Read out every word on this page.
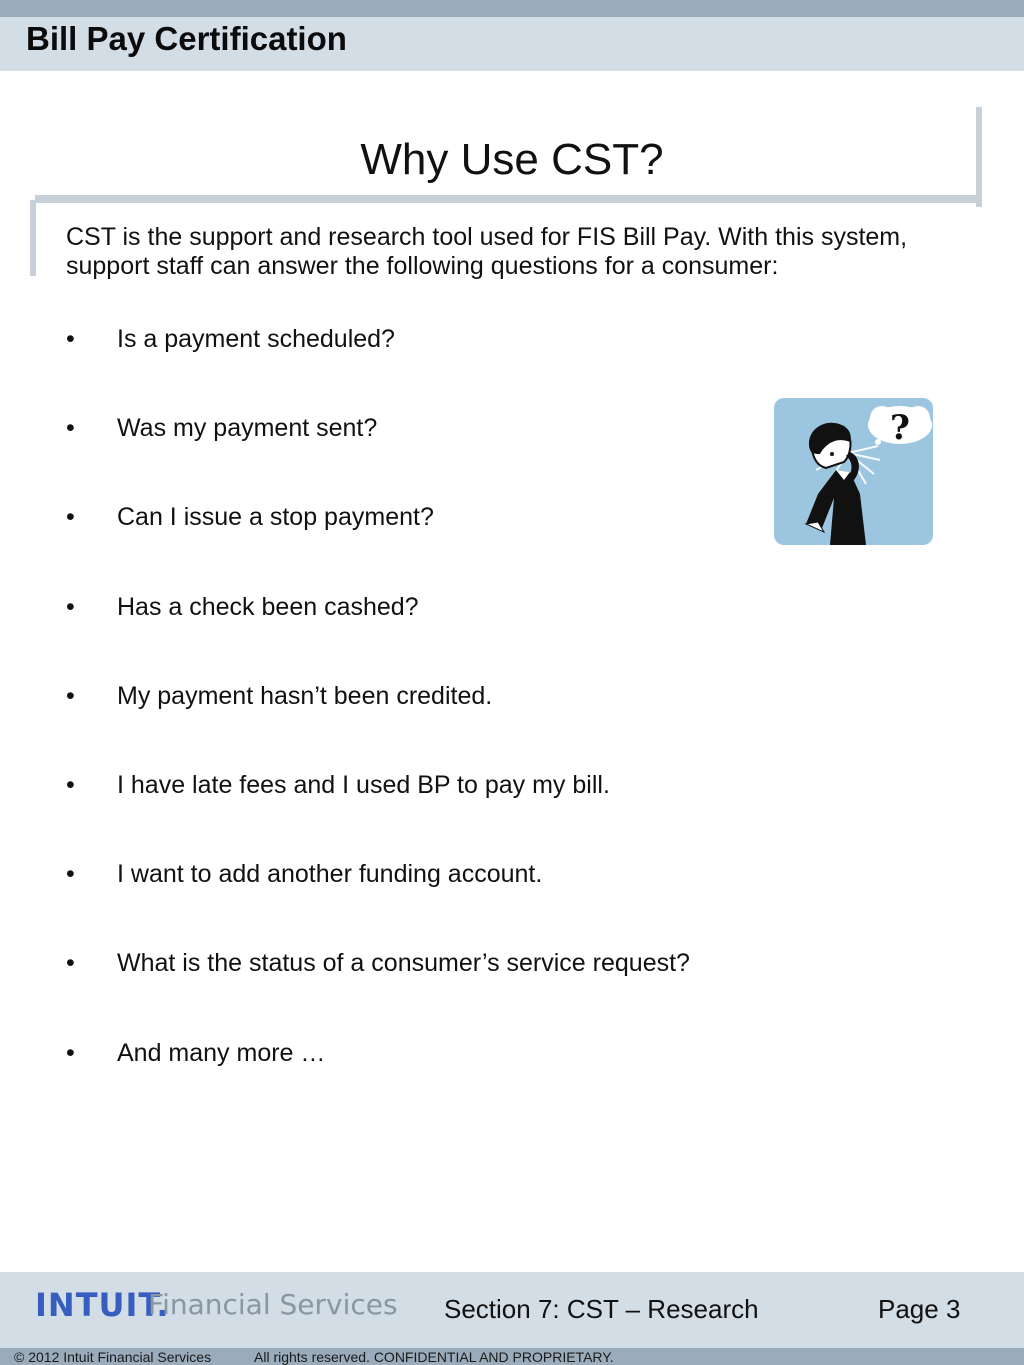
Bill Pay Certification
Why Use CST?
CST is the support and research tool used for FIS Bill Pay. With this system, support staff can answer the following questions for a consumer:
•	Is a payment scheduled?
•	Was my payment sent?
•	Can I issue a stop payment?
•	Has a check been cashed?
•	My payment hasn’t been credited.
•	I have late fees and I used BP to pay my bill.
•	I want to add another funding account.
•	What is the status of a consumer’s service request?
•	And many more …
?
INTUIT.
Financial Services Section 7: CST – Research	Page 3
© 2012 Intuit Financial Services	All rights reserved. CONFIDENTIAL AND PROPRIETARY.
